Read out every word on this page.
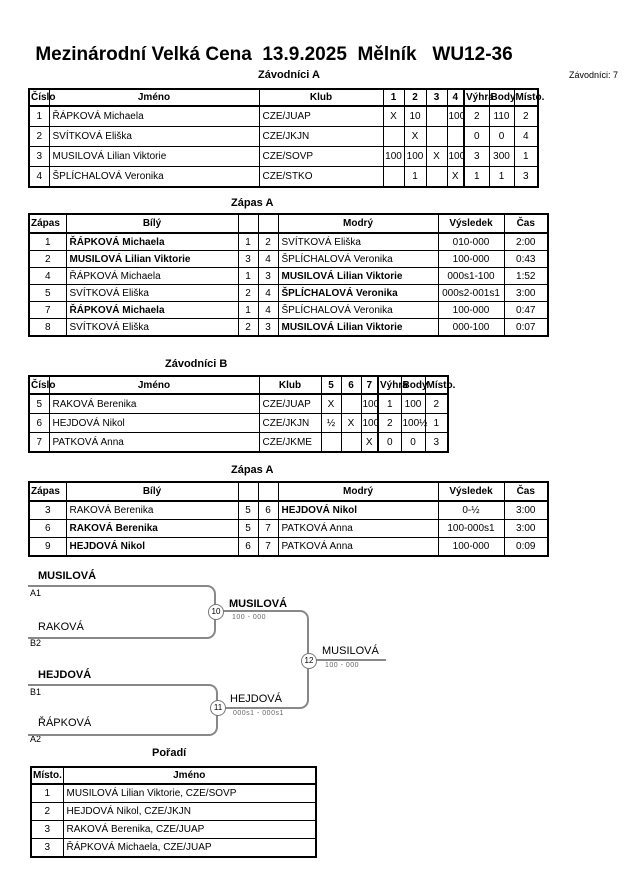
Mezinárodní Velká Cena  13.9.2025  Mělník   WU12-36
Závodníci A	Závodníci: 7
Číslo	Jméno	Klub	1	2	3	4	Výhra	Body	Místo.
1	ŘÁPKOVÁ Michaela	CZE/JUAP	X	10		100	2	110	2
2	SVÍTKOVÁ Eliška	CZE/JKJN		X			0	0	4
3	MUSILOVÁ Lilian Viktorie	CZE/SOVP	100	100	X	100	3	300	1
4	ŠPLÍCHALOVÁ Veronika	CZE/STKO		1		X	1	1	3
Zápas A
Zápas	Bílý			Modrý	Výsledek	Čas
1	ŘÁPKOVÁ Michaela	1	2	SVÍTKOVÁ Eliška	010-000	2:00
2	MUSILOVÁ Lilian Viktorie	3	4	ŠPLÍCHALOVÁ Veronika	100-000	0:43
4	ŘÁPKOVÁ Michaela	1	3	MUSILOVÁ Lilian Viktorie	000s1-100	1:52
5	SVÍTKOVÁ Eliška	2	4	ŠPLÍCHALOVÁ Veronika	000s2-001s1	3:00
7	ŘÁPKOVÁ Michaela	1	4	ŠPLÍCHALOVÁ Veronika	100-000	0:47
8	SVÍTKOVÁ Eliška	2	3	MUSILOVÁ Lilian Viktorie	000-100	0:07
Závodníci B
Číslo	Jméno	Klub	5	6	7	Výhra	Body	Místo.
5	RAKOVÁ Berenika	CZE/JUAP	X		100	1	100	2
6	HEJDOVÁ Nikol	CZE/JKJN	½	X	100	2	100½	1
7	PATKOVÁ Anna	CZE/JKME			X	0	0	3
Zápas A
Zápas	Bílý			Modrý	Výsledek	Čas
3	RAKOVÁ Berenika	5	6	HEJDOVÁ Nikol	0-½	3:00
6	RAKOVÁ Berenika	5	7	PATKOVÁ Anna	100-000s1	3:00
9	HEJDOVÁ Nikol	6	7	PATKOVÁ Anna	100-000	0:09
MUSILOVÁ
A1
RAKOVÁ
B2
HEJDOVÁ
B1
ŘÁPKOVÁ
A2
10
MUSILOVÁ
100 - 000
11
HEJDOVÁ
000s1 - 000s1
12
MUSILOVÁ
100 - 000
Pořadí
Místo.	Jméno
1	MUSILOVÁ Lilian Viktorie, CZE/SOVP
2	HEJDOVÁ Nikol, CZE/JKJN
3	RAKOVÁ Berenika, CZE/JUAP
3	ŘÁPKOVÁ Michaela, CZE/JUAP
